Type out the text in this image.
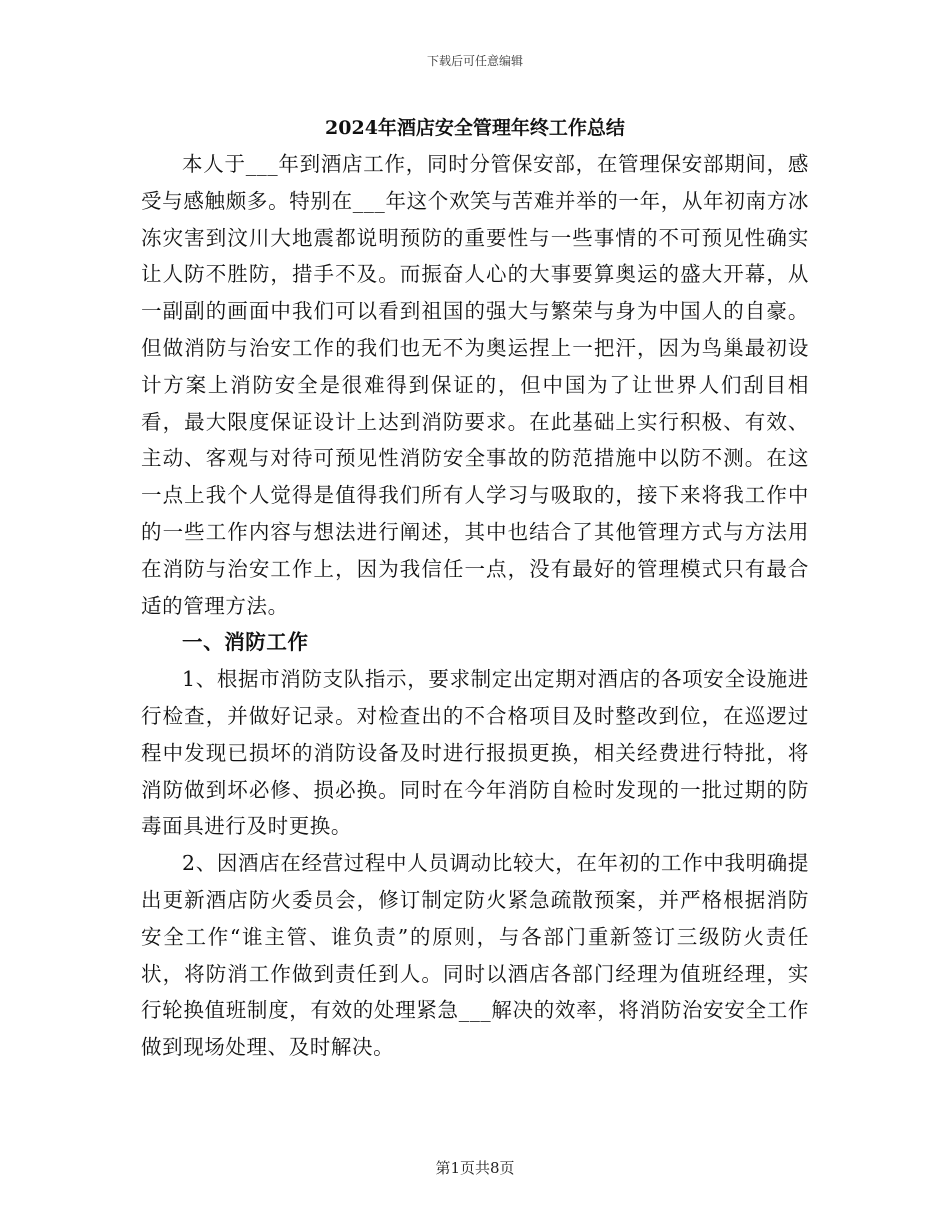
下载后可任意编辑
2024年酒店安全管理年终工作总结

本人于___年到酒店工作，同时分管保安部，在管理保安部期间，感受与感触颇多。特别在___年这个欢笑与苦难并举的一年，从年初南方冰冻灾害到汶川大地震都说明预防的重要性与一些事情的不可预见性确实让人防不胜防，措手不及。而振奋人心的大事要算奥运的盛大开幕，从一副副的画面中我们可以看到祖国的强大与繁荣与身为中国人的自豪。但做消防与治安工作的我们也无不为奥运捏上一把汗，因为鸟巢最初设计方案上消防安全是很难得到保证的，但中国为了让世界人们刮目相看，最大限度保证设计上达到消防要求。在此基础上实行积极、有效、主动、客观与对待可预见性消防安全事故的防范措施中以防不测。在这一点上我个人觉得是值得我们所有人学习与吸取的，接下来将我工作中的一些工作内容与想法进行阐述，其中也结合了其他管理方式与方法用在消防与治安工作上，因为我信任一点，没有最好的管理模式只有最合适的管理方法。

一、消防工作

1、根据市消防支队指示，要求制定出定期对酒店的各项安全设施进行检查，并做好记录。对检查出的不合格项目及时整改到位，在巡逻过程中发现已损坏的消防设备及时进行报损更换，相关经费进行特批，将消防做到坏必修、损必换。同时在今年消防自检时发现的一批过期的防毒面具进行及时更换。

2、因酒店在经营过程中人员调动比较大，在年初的工作中我明确提出更新酒店防火委员会，修订制定防火紧急疏散预案，并严格根据消防安全工作“谁主管、谁负责”的原则，与各部门重新签订三级防火责任状，将防消工作做到责任到人。同时以酒店各部门经理为值班经理，实行轮换值班制度，有效的处理紧急___解决的效率，将消防治安安全工作做到现场处理、及时解决。

第1页共8页
